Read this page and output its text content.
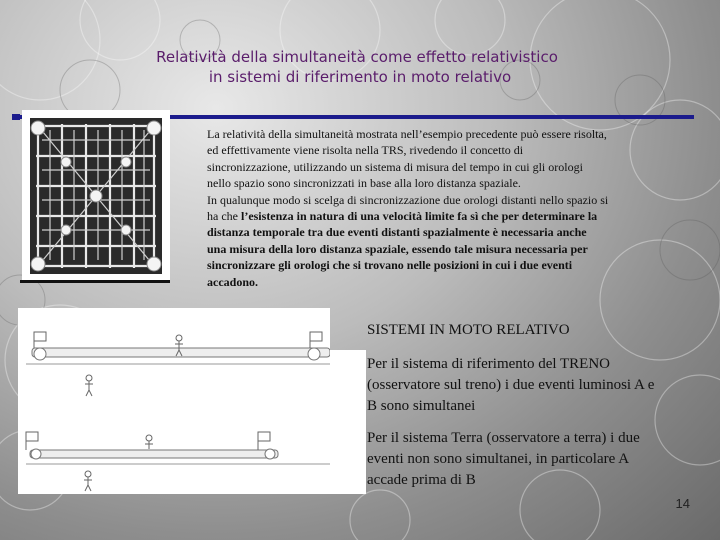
Relatività della simultaneità come effetto relativistico
in sistemi di riferimento in moto relativo
La relatività della simultaneità mostrata nell’esempio precedente può essere risolta,
ed effettivamente viene risolta nella TRS, rivedendo il concetto di
sincronizzazione, utilizzando un sistema di misura del tempo in cui gli orologi
nello spazio sono sincronizzati in base alla loro distanza spaziale.
In qualunque modo si scelga di sincronizzazione due orologi distanti nello spazio si
ha che l’esistenza in natura di una velocità limite fa sì che per determinare la
distanza temporale tra due eventi distanti spazialmente è necessaria anche
una misura della loro distanza spaziale, essendo tale misura necessaria per
sincronizzare gli orologi che si trovano nelle posizioni in cui i due eventi
accadono.
SISTEMI IN MOTO RELATIVO
Per il sistema di riferimento del TRENO (osservatore sul treno) i due eventi luminosi A e B sono simultanei
Per il sistema Terra (osservatore a terra) i due eventi non sono simultanei, in particolare A accade prima di B
14
